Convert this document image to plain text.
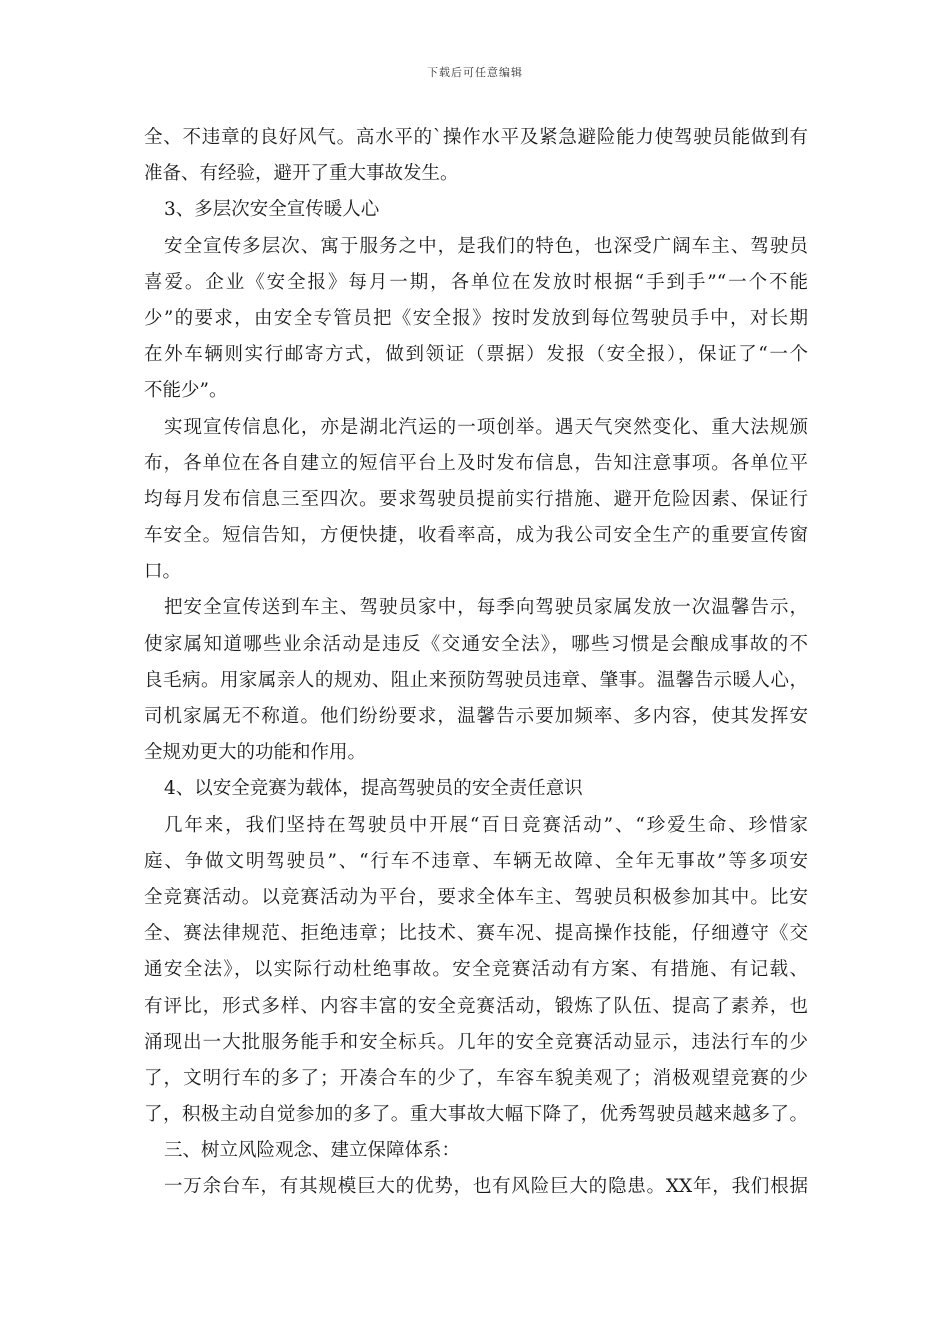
下载后可任意编辑
全、不违章的良好风气。高水平的`操作水平及紧急避险能力使驾驶员能做到有
准备、有经验，避开了重大事故发生。
3、多层次安全宣传暖人心
安全宣传多层次、寓于服务之中，是我们的特色，也深受广阔车主、驾驶员
喜爱。企业《安全报》每月一期，各单位在发放时根据“手到手”“一个不能
少”的要求，由安全专管员把《安全报》按时发放到每位驾驶员手中，对长期
在外车辆则实行邮寄方式，做到领证（票据）发报（安全报），保证了“一个
不能少”。
实现宣传信息化，亦是湖北汽运的一项创举。遇天气突然变化、重大法规颁
布，各单位在各自建立的短信平台上及时发布信息，告知注意事项。各单位平
均每月发布信息三至四次。要求驾驶员提前实行措施、避开危险因素、保证行
车安全。短信告知，方便快捷，收看率高，成为我公司安全生产的重要宣传窗
口。
把安全宣传送到车主、驾驶员家中，每季向驾驶员家属发放一次温馨告示，
使家属知道哪些业余活动是违反《交通安全法》，哪些习惯是会酿成事故的不
良毛病。用家属亲人的规劝、阻止来预防驾驶员违章、肇事。温馨告示暖人心，
司机家属无不称道。他们纷纷要求，温馨告示要加频率、多内容，使其发挥安
全规劝更大的功能和作用。
4、以安全竞赛为载体，提高驾驶员的安全责任意识
几年来，我们坚持在驾驶员中开展“百日竞赛活动”、“珍爱生命、珍惜家
庭、争做文明驾驶员”、“行车不违章、车辆无故障、全年无事故”等多项安
全竞赛活动。以竞赛活动为平台，要求全体车主、驾驶员积极参加其中。比安
全、赛法律规范、拒绝违章；比技术、赛车况、提高操作技能，仔细遵守《交
通安全法》，以实际行动杜绝事故。安全竞赛活动有方案、有措施、有记载、
有评比，形式多样、内容丰富的安全竞赛活动，锻炼了队伍、提高了素养，也
涌现出一大批服务能手和安全标兵。几年的安全竞赛活动显示，违法行车的少
了，文明行车的多了；开凑合车的少了，车容车貌美观了；消极观望竞赛的少
了，积极主动自觉参加的多了。重大事故大幅下降了，优秀驾驶员越来越多了。
三、树立风险观念、建立保障体系：
一万余台车，有其规模巨大的优势，也有风险巨大的隐患。XX年，我们根据
